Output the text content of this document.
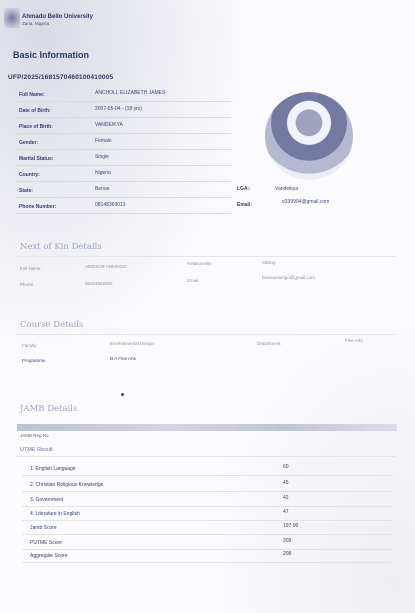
Ahmadu Bello University
Zaria, Nigeria
Basic Information
UFP/2025/1681570460100410005
Full Name:	ANCHOLI, ELIZABETH JAMES
Date of Birth:	2007-05-04 - (18 yrs)
Place of Birth:	VANDEIKYA
Gender:	Female
Marital Status:	Single
Country:	Nigeria
State:	Benue
Phone Number:	08148369013
LGA:	Vandeikya
Email:	e339904@gmail.com
Next of Kin Details
Full Name	AMOSUR ANKINGO
Relationship	Sibling
Phone	08104502602
Email
bwusaniamgo@gmail.com
Course Details
Faculty	Environmental Design	Department
Fine Arts
Programme	B.A Fine Arts
JAMB Details
JAMB Reg No
UTME Result
1. English Language	60
2. Christian Religious Knowledge	45
3. Government	42
4. Literature in English	47
Jamb Score	197.00
PUTME Score	209
Aggregate Score	208
